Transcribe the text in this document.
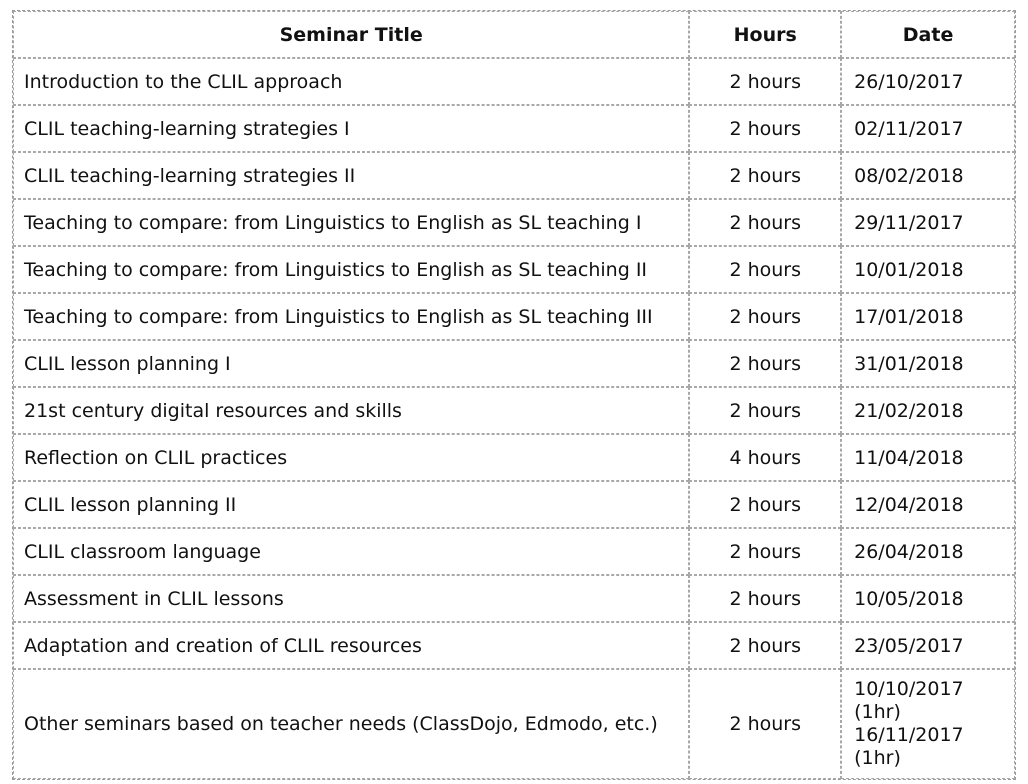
Seminar Title	Hours	Date
Introduction to the CLIL approach	2 hours	26/10/2017
CLIL teaching-learning strategies I	2 hours	02/11/2017
CLIL teaching-learning strategies II	2 hours	08/02/2018
Teaching to compare: from Linguistics to English as SL teaching I	2 hours	29/11/2017
Teaching to compare: from Linguistics to English as SL teaching II	2 hours	10/01/2018
Teaching to compare: from Linguistics to English as SL teaching III	2 hours	17/01/2018
CLIL lesson planning I	2 hours	31/01/2018
21st century digital resources and skills	2 hours	21/02/2018
Reflection on CLIL practices	4 hours	11/04/2018
CLIL lesson planning II	2 hours	12/04/2018
CLIL classroom language	2 hours	26/04/2018
Assessment in CLIL lessons	2 hours	10/05/2018
Adaptation and creation of CLIL resources	2 hours	23/05/2017
Other seminars based on teacher needs (ClassDojo, Edmodo, etc.)	2 hours	10/10/2017
(1hr)
16/11/2017
(1hr)
